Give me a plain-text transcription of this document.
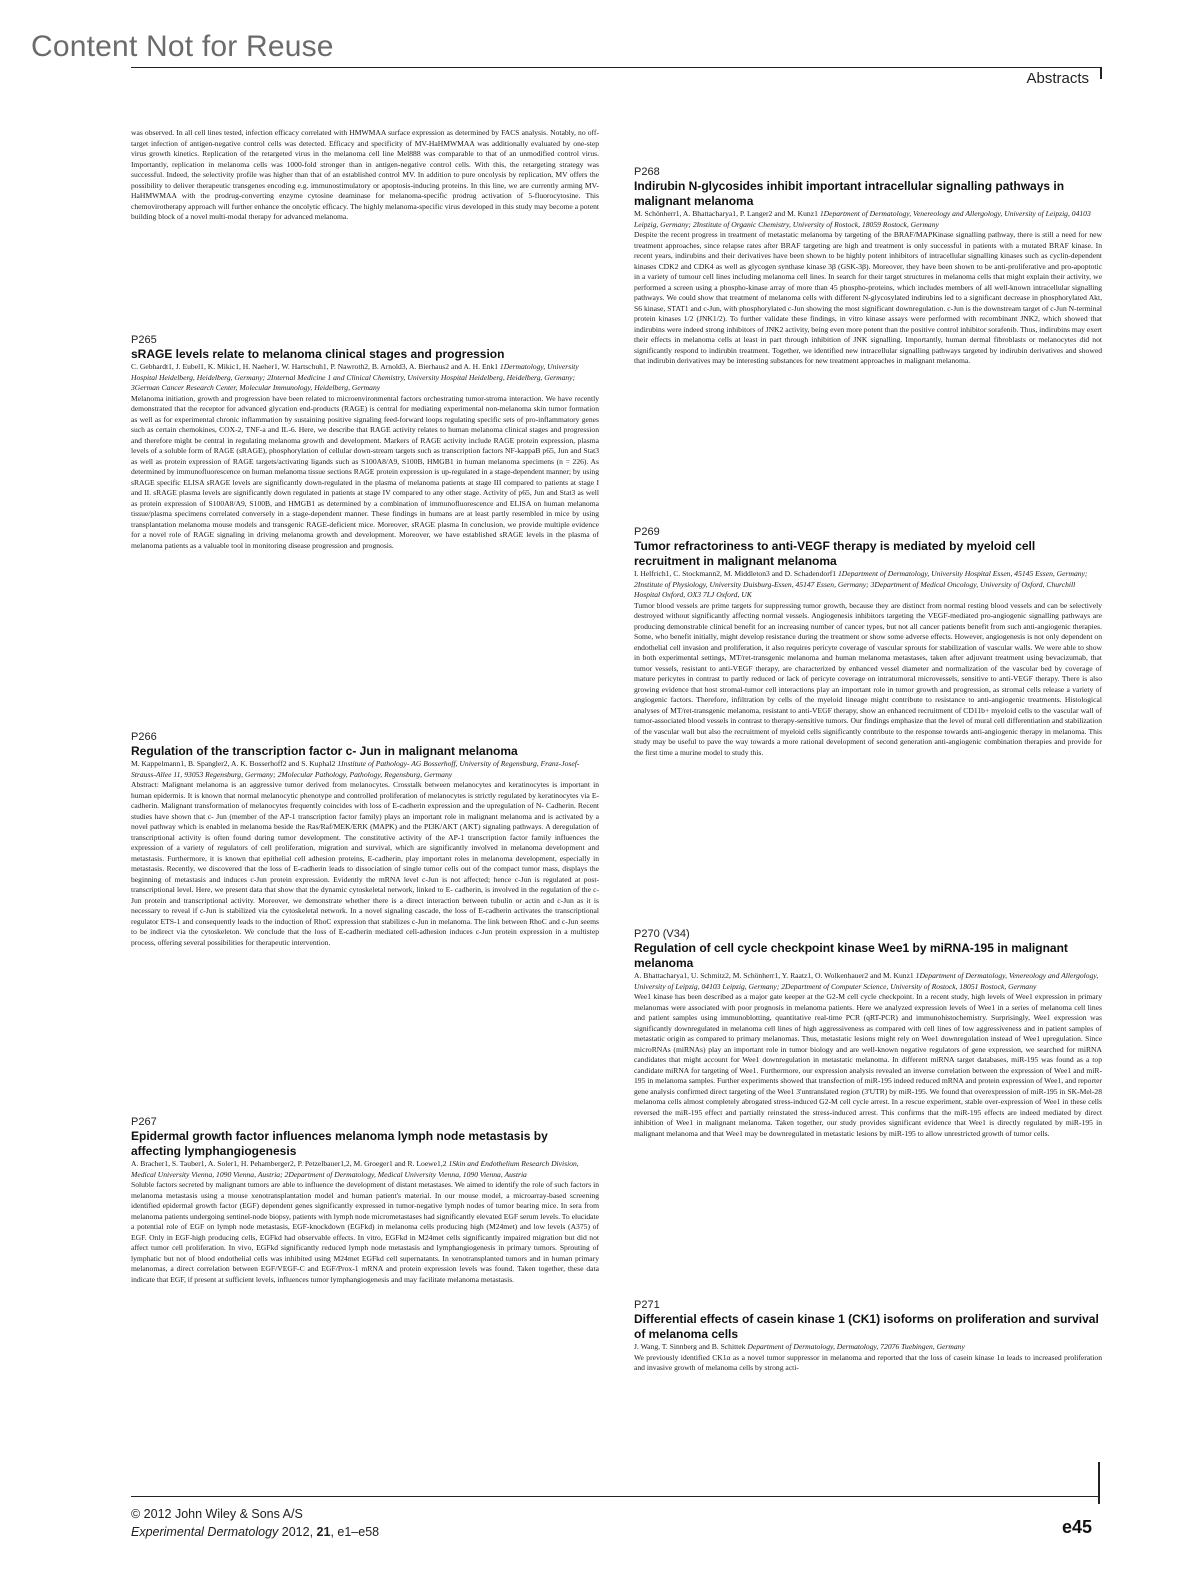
Content Not for Reuse
Abstracts

was observed. In all cell lines tested, infection efficacy correlated with HMWMAA surface expression as determined by FACS analysis. Notably, no off-target infection of antigen-negative control cells was detected. Efficacy and specificity of MV-HaHMWMAA was additionally evaluated by one-step virus growth kinetics. Replication of the retargeted virus in the melanoma cell line Mel888 was comparable to that of an unmodified control virus. Importantly, replication in melanoma cells was 1000-fold stronger than in antigen-negative control cells. With this, the retargeting strategy was successful. Indeed, the selectivity profile was higher than that of an established control MV. In addition to pure oncolysis by replication, MV offers the possibility to deliver therapeutic transgenes encoding e.g. immunostimulatory or apoptosis-inducing proteins. In this line, we are currently arming MV-HaHMWMAA with the prodrug-converting enzyme cytosine deaminase for melanoma-specific prodrug activation of 5-fluorocytosine. This chemovirotherapy approach will further enhance the oncolytic efficacy. The highly melanoma-specific virus developed in this study may become a potent building block of a novel multi-modal therapy for advanced melanoma.

P265

sRAGE levels relate to melanoma clinical stages and progression

C. Gebhardt1, J. Eubel1, K. Mikic1, H. Naeher1, W. Hartschuh1, P. Nawroth2, B. Arnold3, A. Bierhaus2 and A. H. Enk1 1Dermatology, University Hospital Heidelberg, Heidelberg, Germany; 2Internal Medicine 1 and Clinical Chemistry, University Hospital Heidelberg, Heidelberg, Germany; 3German Cancer Research Center, Molecular Immunology, Heidelberg, Germany

Melanoma initiation, growth and progression have been related to microenvironmental factors orchestrating tumor-stroma interaction. We have recently demonstrated that the receptor for advanced glycation end-products (RAGE) is central for mediating experimental non-melanoma skin tumor formation as well as for experimental chronic inflammation by sustaining positive signaling feed-forward loops regulating specific sets of pro-inflammatory genes such as certain chemokines, COX-2, TNF-a and IL-6. Here, we describe that RAGE activity relates to human melanoma clinical stages and progression and therefore might be central in regulating melanoma growth and development. Markers of RAGE activity include RAGE protein expression, plasma levels of a soluble form of RAGE (sRAGE), phosphorylation of cellular down-stream targets such as transcription factors NF-kappaB p65, Jun and Stat3 as well as protein expression of RAGE targets/activating ligands such as S100A8/A9, S100B, HMGB1 in human melanoma specimens (n = 226). As determined by immunofluorescence on human melanoma tissue sections RAGE protein expression is up-regulated in a stage-dependent manner; by using sRAGE specific ELISA sRAGE levels are significantly down-regulated in the plasma of melanoma patients at stage III compared to patients at stage I and II. sRAGE plasma levels are significantly down regulated in patients at stage IV compared to any other stage. Activity of p65, Jun and Stat3 as well as protein expression of S100A8/A9, S100B, and HMGB1 as determined by a combination of immunofluorescence and ELISA on human melanoma tissue/plasma specimens correlated conversely in a stage-dependent manner. These findings in humans are at least partly resembled in mice by using transplantation melanoma mouse models and transgenic RAGE-deficient mice. Moreover, sRAGE plasma In conclusion, we provide multiple evidence for a novel role of RAGE signaling in driving melanoma growth and development. Moreover, we have established sRAGE levels in the plasma of melanoma patients as a valuable tool in monitoring disease progression and prognosis.

P266

Regulation of the transcription factor c- Jun in malignant melanoma

M. Kappelmann1, B. Spangler2, A. K. Bosserhoff2 and S. Kuphal2 1Institute of Pathology- AG Bosserhoff, University of Regensburg, Franz-Josef-Strauss-Allee 11, 93053 Regensburg, Germany; 2Molecular Pathology, Pathology, Regensburg, Germany

Abstract: Malignant melanoma is an aggressive tumor derived from melanocytes. Crosstalk between melanocytes and keratinocytes is important in human epidermis. It is known that normal melanocytic phenotype and controlled proliferation of melanocytes is strictly regulated by keratinocytes via E-cadherin. Malignant transformation of melanocytes frequently coincides with loss of E-cadherin expression and the upregulation of N- Cadherin. Recent studies have shown that c- Jun (member of the AP-1 transcription factor family) plays an important role in malignant melanoma and is activated by a novel pathway which is enabled in melanoma beside the Ras/Raf/MEK/ERK (MAPK) and the PI3K/AKT (AKT) signaling pathways. A deregulation of transcriptional activity is often found during tumor development. The constitutive activity of the AP-1 transcription factor family influences the expression of a variety of regulators of cell proliferation, migration and survival, which are significantly involved in melanoma development and metastasis. Furthermore, it is known that epithelial cell adhesion proteins, E-cadherin, play important roles in melanoma development, especially in metastasis. Recently, we discovered that the loss of E-cadherin leads to dissociation of single tumor cells out of the compact tumor mass, displays the beginning of metastasis and induces c-Jun protein expression. Evidently the mRNA level c-Jun is not affected; hence c-Jun is regulated at post-transcriptional level. Here, we present data that show that the dynamic cytoskeletal network, linked to E- cadherin, is involved in the regulation of the c-Jun protein and transcriptional activity. Moreover, we demonstrate whether there is a direct interaction between tubulin or actin and c-Jun as it is necessary to reveal if c-Jun is stabilized via the cytoskeletal network. In a novel signaling cascade, the loss of E-cadherin activates the transcriptional regulator ETS-1 and consequently leads to the induction of RhoC expression that stabilizes c-Jun in melanoma. The link between RhoC and c-Jun seems to be indirect via the cytoskeleton. We conclude that the loss of E-cadherin mediated cell-adhesion induces c-Jun protein expression in a multistep process, offering several possibilities for therapeutic intervention.

P267

Epidermal growth factor influences melanoma lymph node metastasis by affecting lymphangiogenesis

A. Bracher1, S. Tauber1, A. Soler1, H. Pehamberger2, P. Petzelbauer1,2, M. Groeger1 and R. Loewe1,2 1Skin and Endothelium Research Division, Medical University Vienna, 1090 Vienna, Austria; 2Department of Dermatology, Medical University Vienna, 1090 Vienna, Austria

Soluble factors secreted by malignant tumors are able to influence the development of distant metastases. We aimed to identify the role of such factors in melanoma metastasis using a mouse xenotransplantation model and human patient's material. In our mouse model, a microarray-based screening identified epidermal growth factor (EGF) dependent genes significantly expressed in tumor-negative lymph nodes of tumor bearing mice. In sera from melanoma patients undergoing sentinel-node biopsy, patients with lymph node micrometastases had significantly elevated EGF serum levels. To elucidate a potential role of EGF on lymph node metastasis, EGF-knockdown (EGFkd) in melanoma cells producing high (M24met) and low levels (A375) of EGF. Only in EGF-high producing cells, EGFkd had observable effects. In vitro, EGFkd in M24met cells significantly impaired migration but did not affect tumor cell proliferation. In vivo, EGFkd significantly reduced lymph node metastasis and lymphangiogenesis in primary tumors. Sprouting of lymphatic but not of blood endothelial cells was inhibited using M24met EGFkd cell supernatants. In xenotransplanted tumors and in human primary melanomas, a direct correlation between EGF/VEGF-C and EGF/Prox-1 mRNA and protein expression levels was found. Taken together, these data indicate that EGF, if present at sufficient levels, influences tumor lymphangiogenesis and may facilitate melanoma metastasis.

P268

Indirubin N-glycosides inhibit important intracellular signalling pathways in malignant melanoma

M. Schönherr1, A. Bhattacharya1, P. Langer2 and M. Kunz1 1Department of Dermatology, Venereology and Allergology, University of Leipzig, 04103 Leipzig, Germany; 2Institute of Organic Chemistry, University of Rostock, 18059 Rostock, Germany

Despite the recent progress in treatment of metastatic melanoma by targeting of the BRAF/MAPKinase signalling pathway, there is still a need for new treatment approaches, since relapse rates after BRAF targeting are high and treatment is only successful in patients with a mutated BRAF kinase. In recent years, indirubins and their derivatives have been shown to be highly potent inhibitors of intracellular signalling kinases such as cyclin-dependent kinases CDK2 and CDK4 as well as glycogen synthase kinase 3β (GSK-3β). Moreover, they have been shown to be anti-proliferative and pro-apoptotic in a variety of tumour cell lines including melanoma cell lines. In search for their target structures in melanoma cells that might explain their activity, we performed a screen using a phospho-kinase array of more than 45 phospho-proteins, which includes members of all well-known intracellular signalling pathways. We could show that treatment of melanoma cells with different N-glycosylated indirubins led to a significant decrease in phosphorylated Akt, S6 kinase, STAT1 and c-Jun, with phosphorylated c-Jun showing the most significant downregulation. c-Jun is the downstream target of c-Jun N-terminal protein kinases 1/2 (JNK1/2). To further validate these findings, in vitro kinase assays were performed with recombinant JNK2, which showed that indirubins were indeed strong inhibitors of JNK2 activity, being even more potent than the positive control inhibitor sorafenib. Thus, indirubins may exert their effects in melanoma cells at least in part through inhibition of JNK signalling. Importantly, human dermal fibroblasts or melanocytes did not significantly respond to indirubin treatment. Together, we identified new intracellular signalling pathways targeted by indirubin derivatives and showed that indirubin derivatives may be interesting substances for new treatment approaches in malignant melanoma.

P269

Tumor refractoriness to anti-VEGF therapy is mediated by myeloid cell recruitment in malignant melanoma

I. Helfrich1, C. Stockmann2, M. Middleton3 and D. Schadendorf1 1Department of Dermatology, University Hospital Essen, 45145 Essen, Germany; 2Institute of Physiology, University Duisburg-Essen, 45147 Essen, Germany; 3Department of Medical Oncology, University of Oxford, Churchill Hospital Oxford, OX3 7LJ Oxford, UK

Tumor blood vessels are prime targets for suppressing tumor growth, because they are distinct from normal resting blood vessels and can be selectively destroyed without significantly affecting normal vessels. Angiogenesis inhibitors targeting the VEGF-mediated pro-angiogenic signalling pathways are producing demonstrable clinical benefit for an increasing number of cancer types, but not all cancer patients benefit from such anti-angiogenic therapies. Some, who benefit initially, might develop resistance during the treatment or show some adverse effects. However, angiogenesis is not only dependent on endothelial cell invasion and proliferation, it also requires pericyte coverage of vascular sprouts for stabilization of vascular walls. We were able to show in both experimental settings, MT/ret-transgenic melanoma and human melanoma metastases, taken after adjuvant treatment using bevacizumab, that tumor vessels, resistant to anti-VEGF therapy, are characterized by enhanced vessel diameter and normalization of the vascular bed by coverage of mature pericytes in contrast to partly reduced or lack of pericyte coverage on intratumoral microvessels, sensitive to anti-VEGF therapy. There is also growing evidence that host stromal-tumor cell interactions play an important role in tumor growth and progression, as stromal cells release a variety of angiogenic factors. Therefore, infiltration by cells of the myeloid lineage might contribute to resistance to anti-angiogenic treatments. Histological analyses of MT/ret-transgenic melanoma, resistant to anti-VEGF therapy, show an enhanced recruitment of CD11b+ myeloid cells to the vascular wall of tumor-associated blood vessels in contrast to therapy-sensitive tumors. Our findings emphasize that the level of mural cell differentiation and stabilization of the vascular wall but also the recruitment of myeloid cells significantly contribute to the response towards anti-angiogenic therapy in melanoma. This study may be useful to pave the way towards a more rational development of second generation anti-angiogenic combination therapies and provide for the first time a murine model to study this.

P270 (V34)

Regulation of cell cycle checkpoint kinase Wee1 by miRNA-195 in malignant melanoma

A. Bhattacharya1, U. Schmitz2, M. Schönherr1, Y. Raatz1, O. Wolkenhauer2 and M. Kunz1 1Department of Dermatology, Venereology and Allergology, University of Leipzig, 04103 Leipzig, Germany; 2Department of Computer Science, University of Rostock, 18051 Rostock, Germany

Wee1 kinase has been described as a major gate keeper at the G2-M cell cycle checkpoint. In a recent study, high levels of Wee1 expression in primary melanomas were associated with poor prognosis in melanoma patients. Here we analyzed expression levels of Wee1 in a series of melanoma cell lines and patient samples using immunoblotting, quantitative real-time PCR (qRT-PCR) and immunohistochemistry. Surprisingly, Wee1 expression was significantly downregulated in melanoma cell lines of high aggressiveness as compared with cell lines of low aggressiveness and in patient samples of metastatic origin as compared to primary melanomas. Thus, metastatic lesions might rely on Wee1 downregulation instead of Wee1 upregulation. Since microRNAs (miRNAs) play an important role in tumor biology and are well-known negative regulators of gene expression, we searched for miRNA candidates that might account for Wee1 downregulation in metastatic melanoma. In different miRNA target databases, miR-195 was found as a top candidate miRNA for targeting of Wee1. Furthermore, our expression analysis revealed an inverse correlation between the expression of Wee1 and miR-195 in melanoma samples. Further experiments showed that transfection of miR-195 indeed reduced mRNA and protein expression of Wee1, and reporter gene analysis confirmed direct targeting of the Wee1 3'untranslated region (3'UTR) by miR-195. We found that overexpression of miR-195 in SK-Mel-28 melanoma cells almost completely abrogated stress-induced G2-M cell cycle arrest. In a rescue experiment, stable over-expression of Wee1 in these cells reversed the miR-195 effect and partially reinstated the stress-induced arrest. This confirms that the miR-195 effects are indeed mediated by direct inhibition of Wee1 in malignant melanoma. Taken together, our study provides significant evidence that Wee1 is directly regulated by miR-195 in malignant melanoma and that Wee1 may be downregulated in metastatic lesions by miR-195 to allow unrestricted growth of tumor cells.

P271

Differential effects of casein kinase 1 (CK1) isoforms on proliferation and survival of melanoma cells

J. Wang, T. Sinnberg and B. Schittek Department of Dermatology, Dermatology, 72076 Tuebingen, Germany

We previously identified CK1α as a novel tumor suppressor in melanoma and reported that the loss of casein kinase 1α leads to increased proliferation and invasive growth of melanoma cells by strong acti-

© 2012 John Wiley & Sons A/S
Experimental Dermatology 2012, 21, e1–e58	e45
